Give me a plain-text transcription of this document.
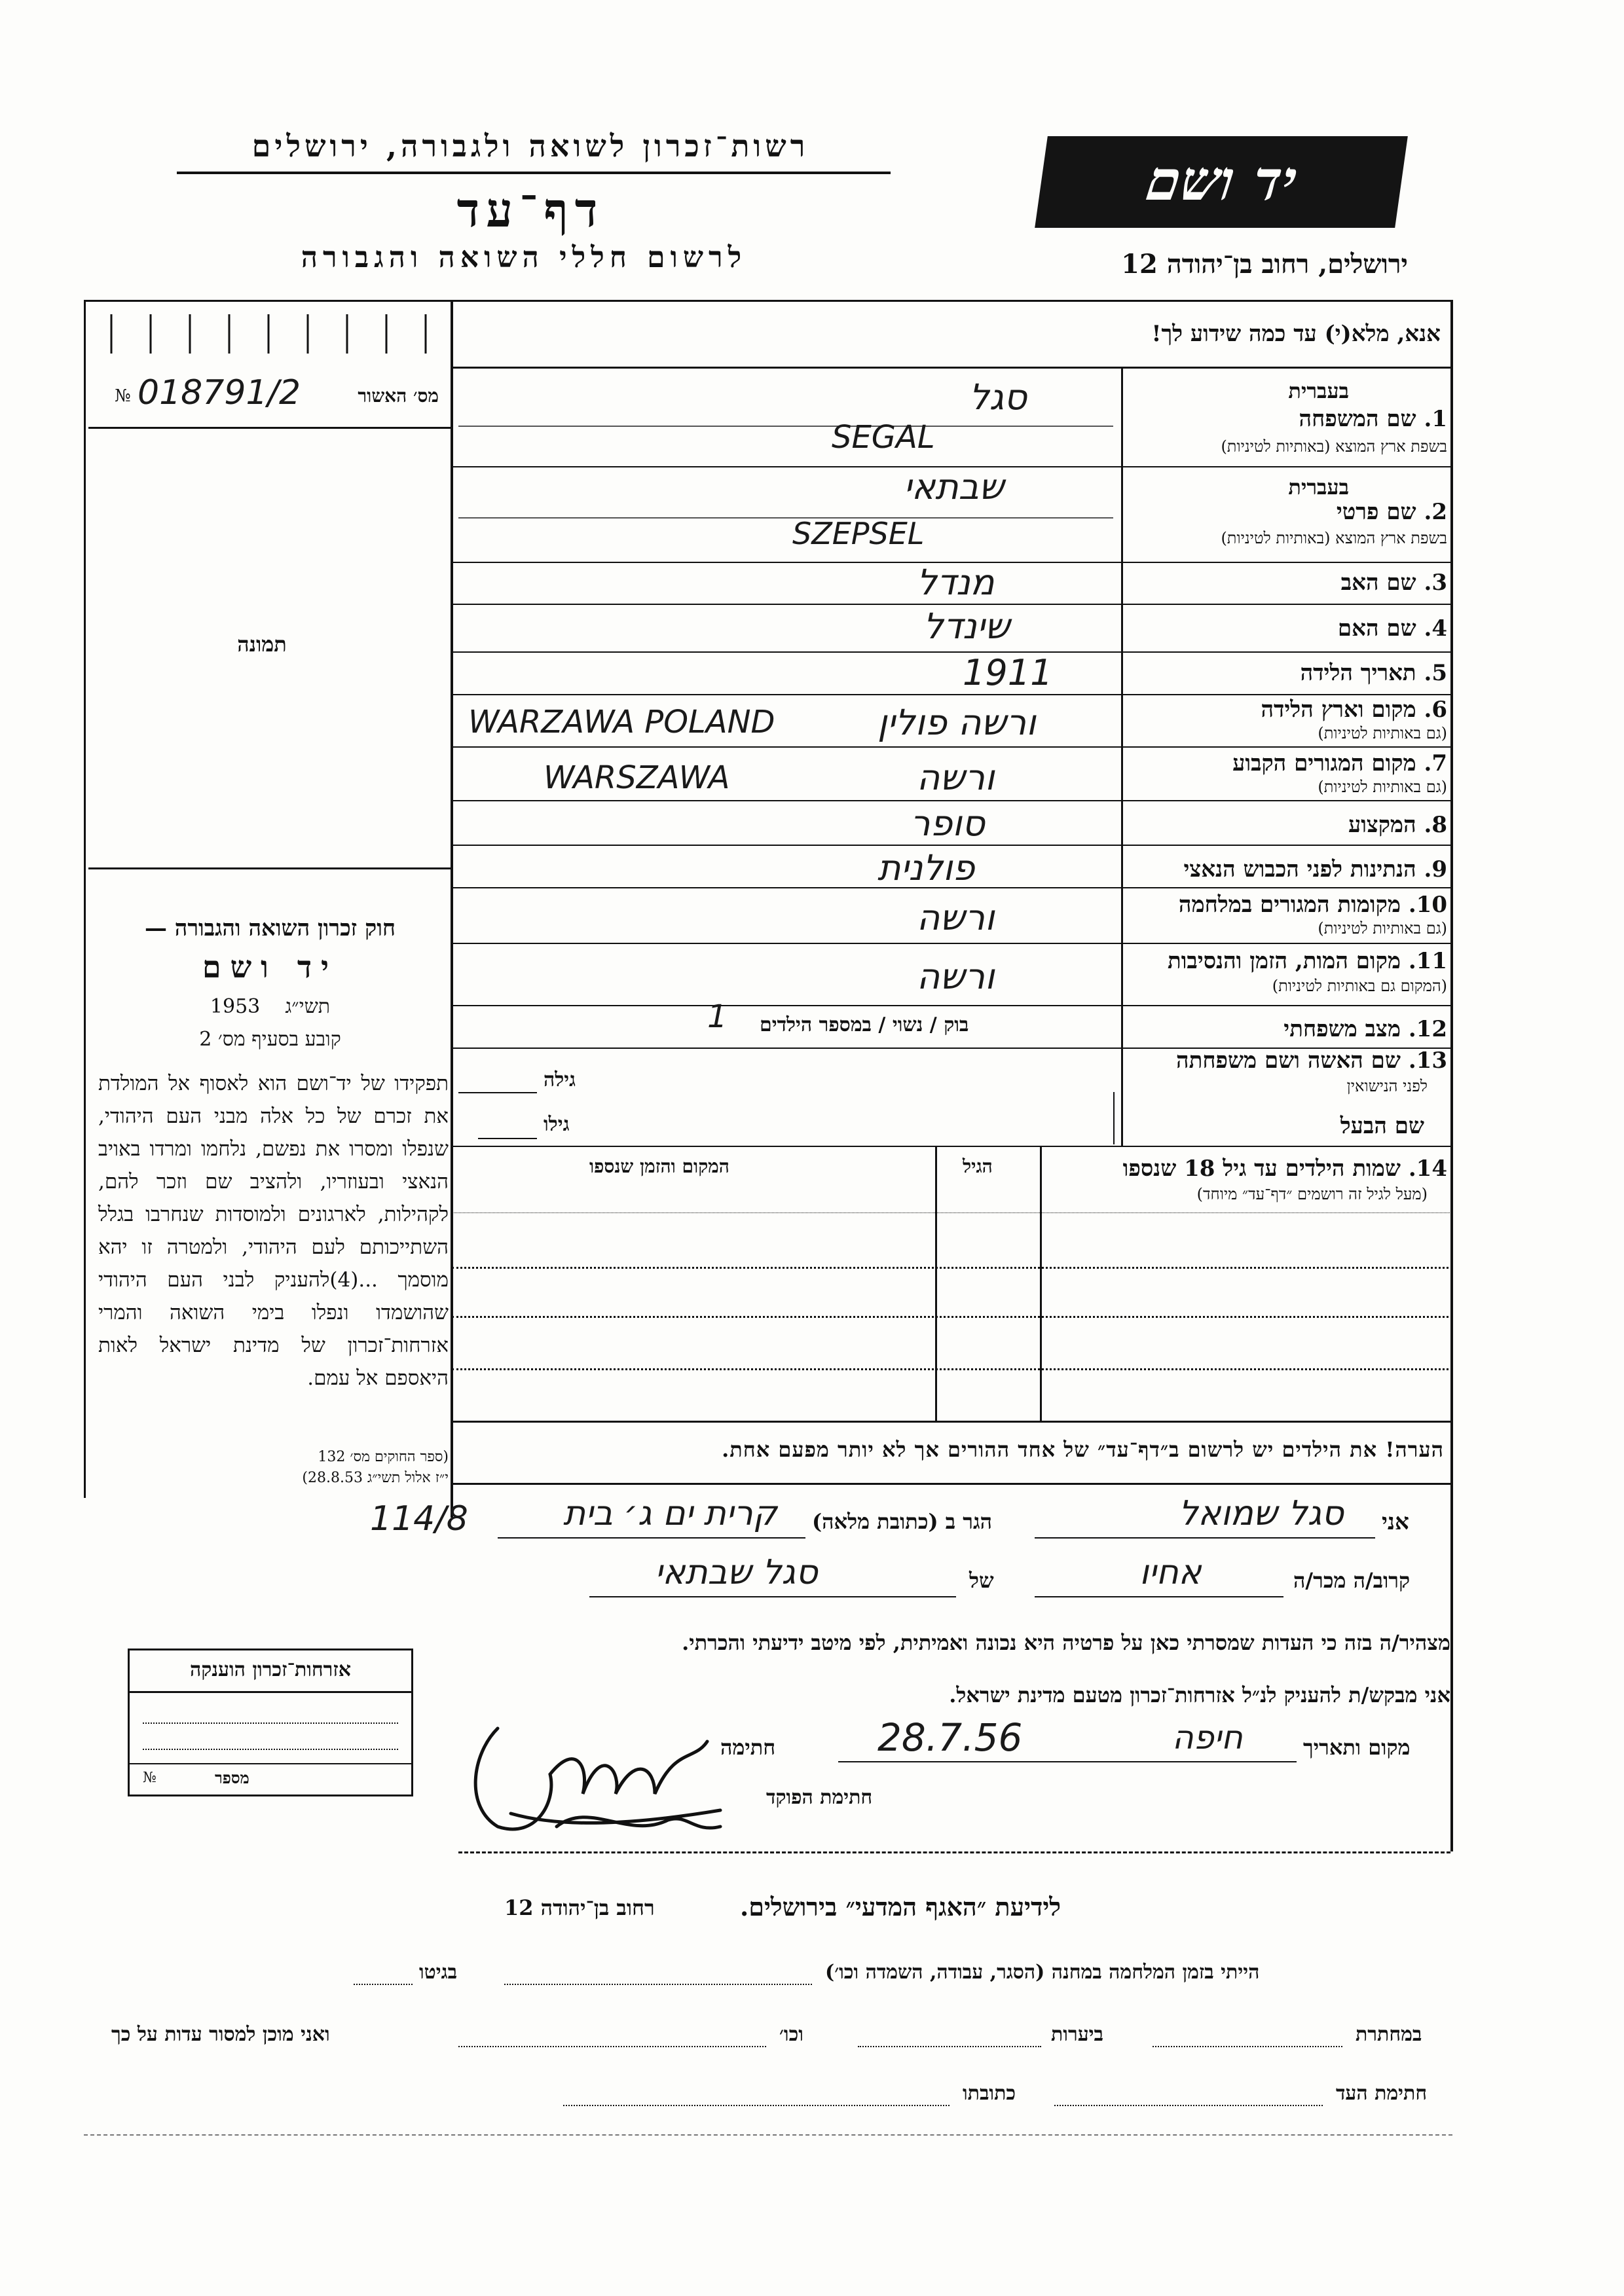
רשות־זכרון לשואה ולגבורה, ירושלים
דף־עד
לרשום חללי השואה והגבורה
יד ושם
ירושלים, רחוב בן־יהודה 12
№ 018791/2	מס׳ האשור
תמונה
חוק זכרון השואה והגבורה —
יד ושם
1953 תשי״ג
קובע בסעיף מס׳ 2
תפקידו של יד־ושם הוא לאסוף אל המולדת את זכרם של כל אלה מבני העם היהודי, שנפלו ומסרו את נפשם, נלחמו ומרדו באויב הנאצי ובעוזריו, ולהציב שם וזכר להם, לקהילות, לארגונים ולמוסדות שנחרבו בגלל השתייכותם לעם היהודי, ולמטרה זו יהא מוסמך ...(4)להעניק לבני העם היהודי שהושמדו ונפלו בימי השואה והמרי אזרחות־זכרון של מדינת ישראל לאות היאספם אל עמם.
(ספר החוקים מס׳ 132
י״ז אלול תשי״ג 28.8.53)
אנא, מלא(י) עד כמה שידוע לך!
1. שם המשפחה
בשפת ארץ המוצא (באותיות לטיניות)
בעברית
סגל
SEGAL
2. שם פרטי
בשפת ארץ המוצא (באותיות לטיניות)
בעברית
שבתאי
SZEPSEL
3. שם האב
מנדל
4. שם האם
שינדל
5. תאריך הלידה
1911
6. מקום וארץ הלידה
(גם באותיות לטיניות)
ורשה פולין
WARZAWA POLAND
7. מקום המגורים הקבוע
(גם באותיות לטיניות)
ורשה
WARSZAWA
8. המקצוע
סופר
9. הנתינות לפני הכבוש הנאצי
פולנית
10. מקומות המגורים במלחמה
(גם באותיות לטיניות)
ורשה
11. מקום המות, הזמן והנסיבות
(המקום גם באותיות לטיניות)
ורשה
12. מצב משפחתי
בוק / נשוי / במספר הילדים
1
13. שם האשה ושם משפחתה
לפני הנישואין
גילה
שם הבעל
גילו
14. שמות הילדים עד גיל 18 שנספו
(מעל לגיל זה רושמים ״דף־עד״ מיוחד)
הגיל
המקום והזמן שנספו
הערה! את הילדים יש לרשום ב״דף־עד״ של אחד ההורים אך לא יותר מפעם אחת.
אני
סגל שמואל
הגר ב (כתובת מלאה)
קרית ים ג׳ בית
114/8
קרוב/ה מכר/ה
אחיו
של
סגל שבתאי
מצהיר/ה בזה כי העדות שמסרתי כאן על פרטיה היא נכונה ואמיתית, לפי מיטב ידיעתי והכרתי.
אני מבקש/ת להעניק לנ״ל אזרחות־זכרון מטעם מדינת ישראל.
מקום ותאריך
חיפה
28.7.56
חתימה
חתימת הפוקד
אזרחות־זכרון הוענקה
№	מספר
לידיעת ״האגף המדעי״ בירושלים.
רחוב בן־יהודה 12
הייתי בזמן המלחמה במחנה (הסגר, עבודה, השמדה וכו׳)
בגיטו
במחתרת
ביערות
וכו׳
ואני מוכן למסור עדות על כך
חתימת העד
כתובתו
